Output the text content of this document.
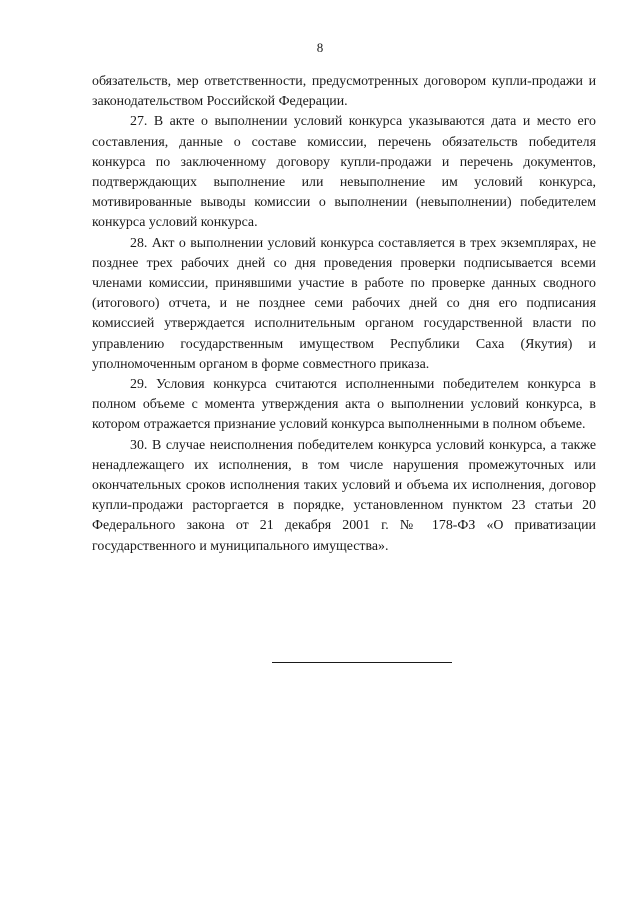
8

обязательств, мер ответственности, предусмотренных договором купли-продажи и законодательством Российской Федерации.

27. В акте о выполнении условий конкурса указываются дата и место его составления, данные о составе комиссии, перечень обязательств победителя конкурса по заключенному договору купли-продажи и перечень документов, подтверждающих выполнение или невыполнение им условий конкурса, мотивированные выводы комиссии о выполнении (невыполнении) победителем конкурса условий конкурса.

28. Акт о выполнении условий конкурса составляется в трех экземплярах, не позднее трех рабочих дней со дня проведения проверки подписывается всеми членами комиссии, принявшими участие в работе по проверке данных сводного (итогового) отчета, и не позднее семи рабочих дней со дня его подписания комиссией утверждается исполнительным органом государственной власти по управлению государственным имуществом Республики Саха (Якутия) и уполномоченным органом в форме совместного приказа.

29. Условия конкурса считаются исполненными победителем конкурса в полном объеме с момента утверждения акта о выполнении условий конкурса, в котором отражается признание условий конкурса выполненными в полном объеме.

30. В случае неисполнения победителем конкурса условий конкурса, а также ненадлежащего их исполнения, в том числе нарушения промежуточных или окончательных сроков исполнения таких условий и объема их исполнения, договор купли-продажи расторгается в порядке, установленном пунктом 23 статьи 20 Федерального закона от 21 декабря 2001 г. № 178-ФЗ «О приватизации государственного и муниципального имущества».
